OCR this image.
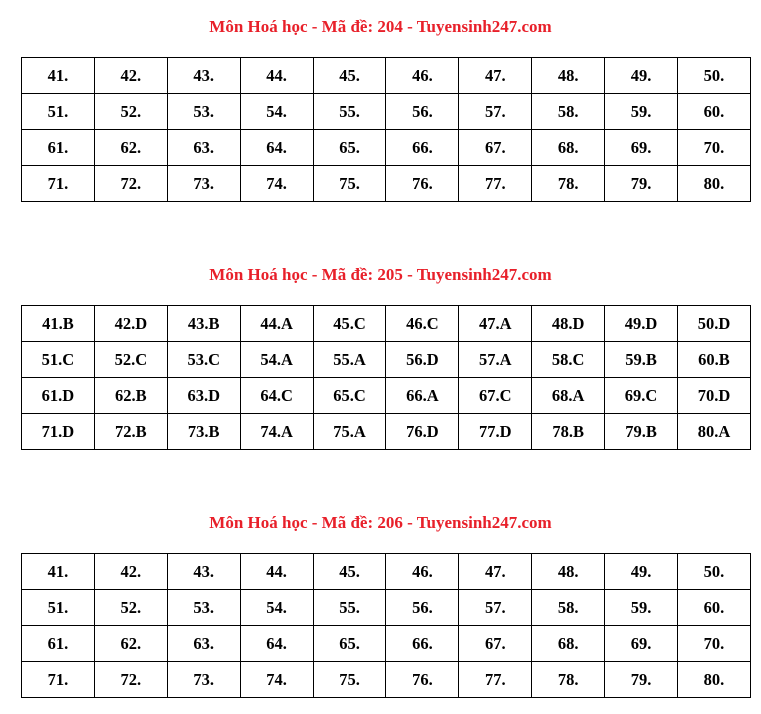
Môn Hoá học - Mã đề: 204 - Tuyensinh247.com
41.	42.	43.	44.	45.	46.	47.	48.	49.	50.
51.	52.	53.	54.	55.	56.	57.	58.	59.	60.
61.	62.	63.	64.	65.	66.	67.	68.	69.	70.
71.	72.	73.	74.	75.	76.	77.	78.	79.	80.
Môn Hoá học - Mã đề: 205 - Tuyensinh247.com
41.B	42.D	43.B	44.A	45.C	46.C	47.A	48.D	49.D	50.D
51.C	52.C	53.C	54.A	55.A	56.D	57.A	58.C	59.B	60.B
61.D	62.B	63.D	64.C	65.C	66.A	67.C	68.A	69.C	70.D
71.D	72.B	73.B	74.A	75.A	76.D	77.D	78.B	79.B	80.A
Môn Hoá học - Mã đề: 206 - Tuyensinh247.com
41.	42.	43.	44.	45.	46.	47.	48.	49.	50.
51.	52.	53.	54.	55.	56.	57.	58.	59.	60.
61.	62.	63.	64.	65.	66.	67.	68.	69.	70.
71.	72.	73.	74.	75.	76.	77.	78.	79.	80.
